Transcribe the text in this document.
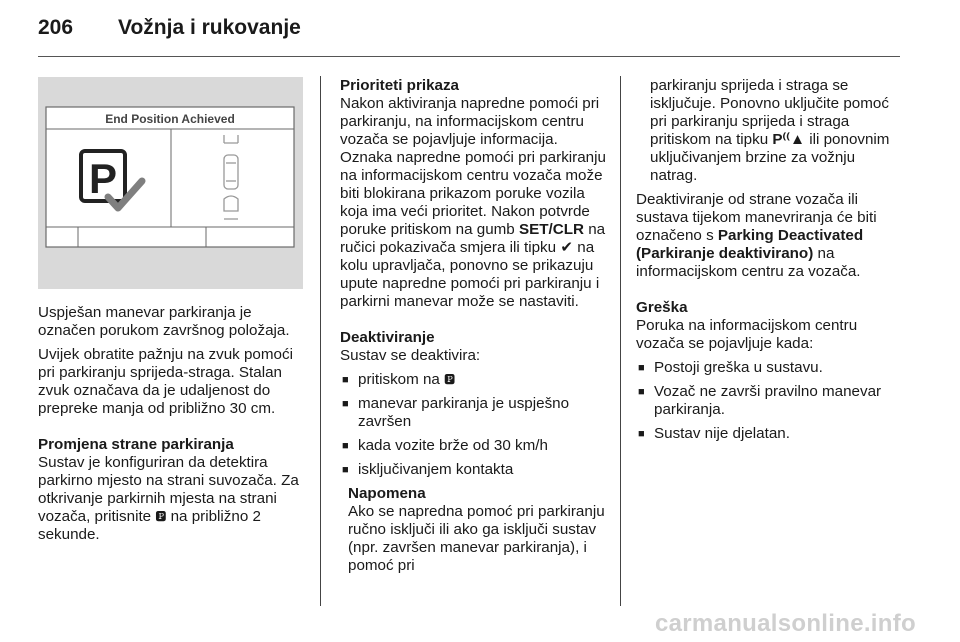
206 Vožnja i rukovanje
End Position Achieved
P

Uspješan manevar parkiranja je označen porukom završnog položaja.

Uvijek obratite pažnju na zvuk pomoći pri parkiranju sprijeda-straga. Stalan zvuk označava da je udaljenost do prepreke manja od približno 30 cm.

Promjena strane parkiranja

Sustav je konfiguriran da detektira parkirno mjesto na strani suvozača. Za otkrivanje parkirnih mjesta na strani vozača, pritisnite 🅿︎ na približno 2 sekunde.

Prioriteti prikaza

Nakon aktiviranja napredne pomoći pri parkiranju, na informacijskom centru vozača se pojavljuje informacija. Oznaka napredne pomoći pri parkiranju na informacijskom centru vozača može biti blokirana prikazom poruke vozila koja ima veći prioritet. Nakon potvrde poruke pritiskom na gumb SET/CLR na ručici pokazivača smjera ili tipku ✔ na kolu upravljača, ponovno se prikazuju upute napredne pomoći pri parkiranju i parkirni manevar može se nastaviti.

Deaktiviranje

Sustav se deaktivira:

■ pritiskom na 🅿︎
■ manevar parkiranja je uspješno završen
■ kada vozite brže od 30 km/h
■ isključivanjem kontakta

Napomena

Ako se napredna pomoć pri parkiranju ručno isključi ili ako ga isključi sustav (npr. završen manevar parkiranja), i pomoć pri

parkiranju sprijeda i straga se isključuje. Ponovno uključite pomoć pri parkiranju sprijeda i straga pritiskom na tipku P⁽⁽▲ ili ponovnim uključivanjem brzine za vožnju natrag.

Deaktiviranje od strane vozača ili sustava tijekom manevriranja će biti označeno s Parking Deactivated (Parkiranje deaktivirano) na informacijskom centru za vozača.

Greška

Poruka na informacijskom centru vozača se pojavljuje kada:

■ Postoji greška u sustavu.
■ Vozač ne završi pravilno manevar parkiranja.
■ Sustav nije djelatan.
carmanualsonline.info
